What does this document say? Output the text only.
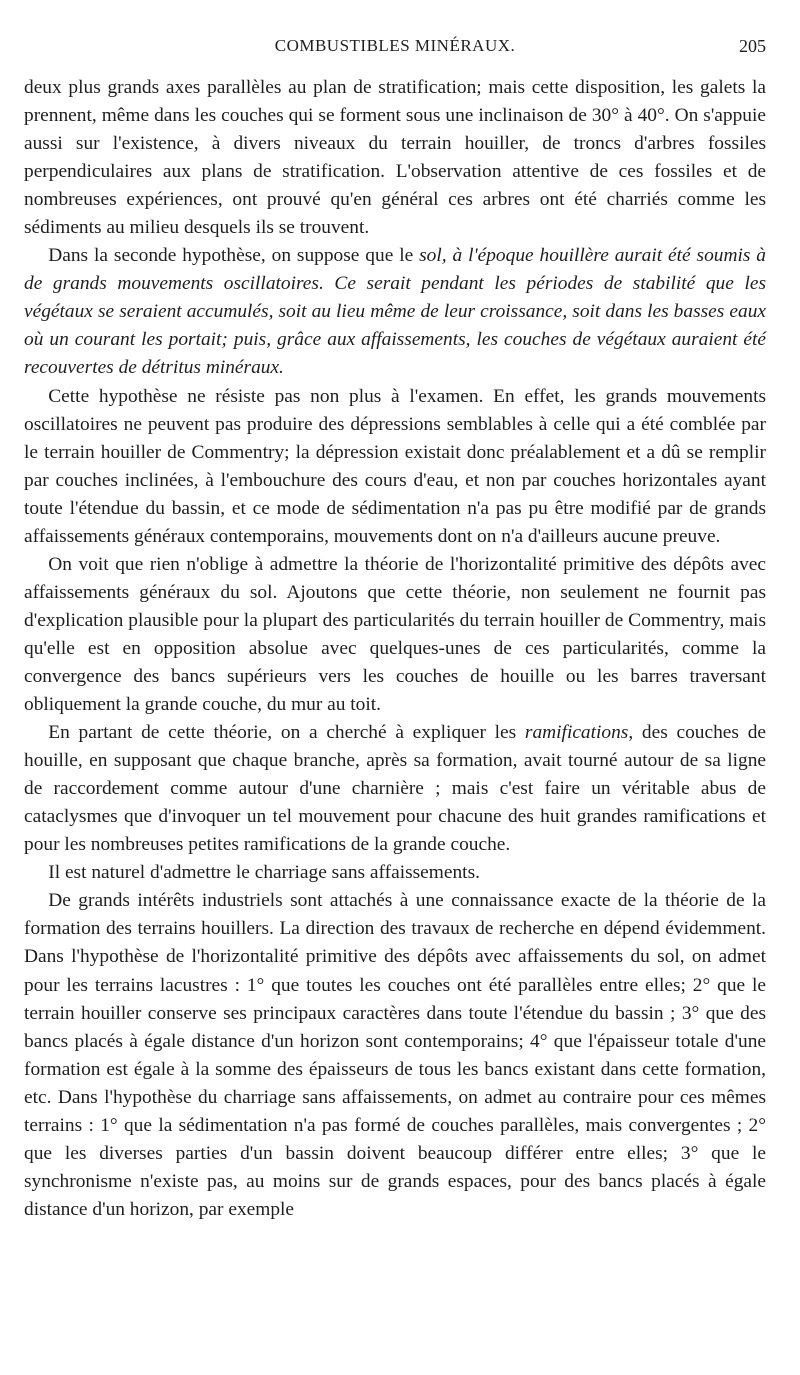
COMBUSTIBLES MINÉRAUX.	205

deux plus grands axes parallèles au plan de stratification; mais cette disposition, les galets la prennent, même dans les couches qui se forment sous une inclinaison de 30° à 40°. On s'appuie aussi sur l'existence, à divers niveaux du terrain houiller, de troncs d'arbres fossiles perpendiculaires aux plans de stratification. L'observation attentive de ces fossiles et de nombreuses expériences, ont prouvé qu'en général ces arbres ont été charriés comme les sédiments au milieu desquels ils se trouvent.

Dans la seconde hypothèse, on suppose que le sol, à l'époque houillère aurait été soumis à de grands mouvements oscillatoires. Ce serait pendant les périodes de stabilité que les végétaux se seraient accumulés, soit au lieu même de leur croissance, soit dans les basses eaux où un courant les portait; puis, grâce aux affaissements, les couches de végétaux auraient été recouvertes de détritus minéraux.

Cette hypothèse ne résiste pas non plus à l'examen. En effet, les grands mouvements oscillatoires ne peuvent pas produire des dépressions semblables à celle qui a été comblée par le terrain houiller de Commentry; la dépression existait donc préalablement et a dû se remplir par couches inclinées, à l'embouchure des cours d'eau, et non par couches horizontales ayant toute l'étendue du bassin, et ce mode de sédimentation n'a pas pu être modifié par de grands affaissements généraux contemporains, mouvements dont on n'a d'ailleurs aucune preuve.

On voit que rien n'oblige à admettre la théorie de l'horizontalité primitive des dépôts avec affaissements généraux du sol. Ajoutons que cette théorie, non seulement ne fournit pas d'explication plausible pour la plupart des particularités du terrain houiller de Commentry, mais qu'elle est en opposition absolue avec quelques-unes de ces particularités, comme la convergence des bancs supérieurs vers les couches de houille ou les barres traversant obliquement la grande couche, du mur au toit.

En partant de cette théorie, on a cherché à expliquer les ramifications, des couches de houille, en supposant que chaque branche, après sa formation, avait tourné autour de sa ligne de raccordement comme autour d'une charnière ; mais c'est faire un véritable abus de cataclysmes que d'invoquer un tel mouvement pour chacune des huit grandes ramifications et pour les nombreuses petites ramifications de la grande couche.

Il est naturel d'admettre le charriage sans affaissements.

De grands intérêts industriels sont attachés à une connaissance exacte de la théorie de la formation des terrains houillers. La direction des travaux de recherche en dépend évidemment. Dans l'hypothèse de l'horizontalité primitive des dépôts avec affaissements du sol, on admet pour les terrains lacustres : 1° que toutes les couches ont été parallèles entre elles; 2° que le terrain houiller conserve ses principaux caractères dans toute l'étendue du bassin ; 3° que des bancs placés à égale distance d'un horizon sont contemporains; 4° que l'épaisseur totale d'une formation est égale à la somme des épaisseurs de tous les bancs existant dans cette formation, etc. Dans l'hypothèse du charriage sans affaissements, on admet au contraire pour ces mêmes terrains : 1° que la sédimentation n'a pas formé de couches parallèles, mais convergentes ; 2° que les diverses parties d'un bassin doivent beaucoup différer entre elles; 3° que le synchronisme n'existe pas, au moins sur de grands espaces, pour des bancs placés à égale distance d'un horizon, par exemple
